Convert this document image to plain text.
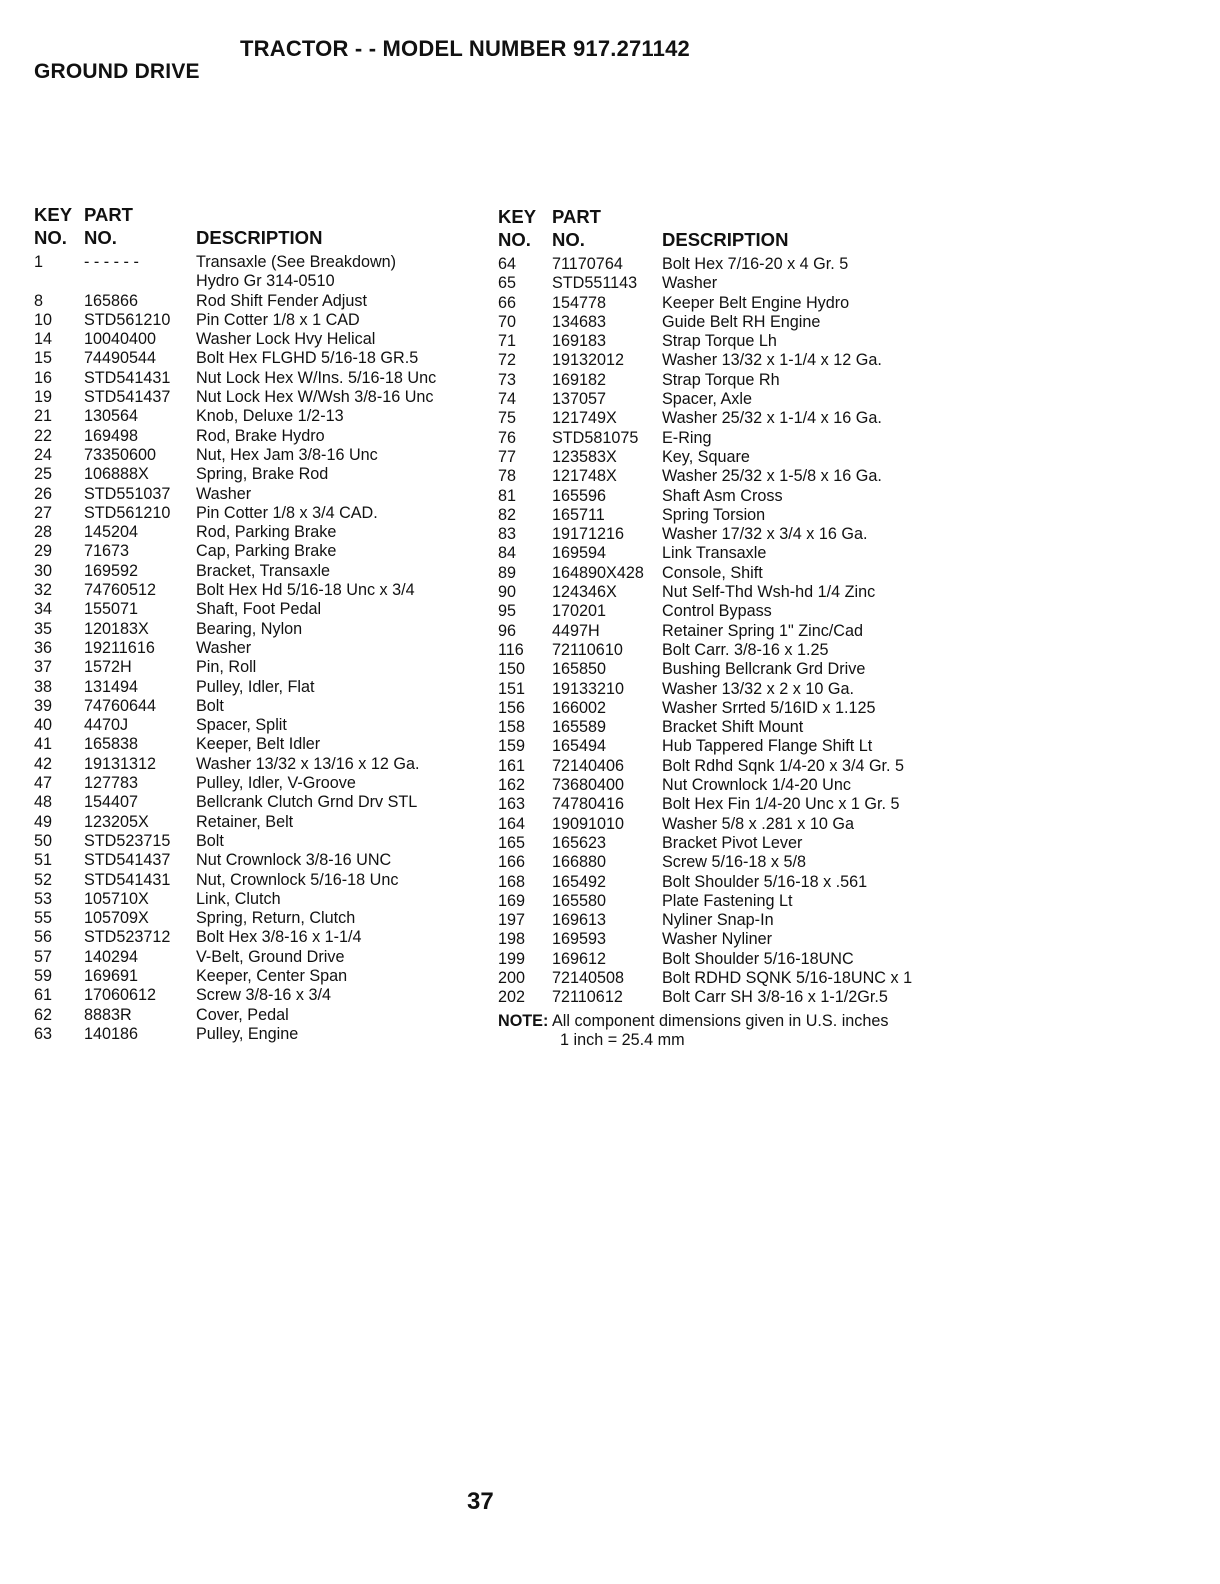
TRACTOR - - MODEL NUMBER 917.271142
GROUND DRIVE
KEY
NO.
PART
NO.	DESCRIPTION
1	- - - - - -	Transaxle (See Breakdown)
Hydro Gr 314-0510
8	165866	Rod Shift Fender Adjust
10	STD561210	Pin Cotter 1/8 x 1 CAD
14	10040400	Washer Lock Hvy Helical
15	74490544	Bolt Hex FLGHD 5/16-18 GR.5
16	STD541431	Nut Lock Hex W/Ins. 5/16-18 Unc
19	STD541437	Nut Lock Hex W/Wsh 3/8-16 Unc
21	130564	Knob, Deluxe 1/2-13
22	169498	Rod, Brake Hydro
24	73350600	Nut, Hex Jam 3/8-16 Unc
25	106888X	Spring, Brake Rod
26	STD551037	Washer
27	STD561210	Pin Cotter 1/8 x 3/4 CAD.
28	145204	Rod, Parking Brake
29	71673	Cap, Parking Brake
30	169592	Bracket, Transaxle
32	74760512	Bolt Hex Hd 5/16-18 Unc x 3/4
34	155071	Shaft, Foot Pedal
35	120183X	Bearing, Nylon
36	19211616	Washer
37	1572H	Pin, Roll
38	131494	Pulley, Idler, Flat
39	74760644	Bolt
40	4470J	Spacer, Split
41	165838	Keeper, Belt Idler
42	19131312	Washer 13/32 x 13/16 x 12 Ga.
47	127783	Pulley, Idler, V-Groove
48	154407	Bellcrank Clutch Grnd Drv STL
49	123205X	Retainer, Belt
50	STD523715	Bolt
51	STD541437	Nut Crownlock 3/8-16 UNC
52	STD541431	Nut, Crownlock 5/16-18 Unc
53	105710X	Link, Clutch
55	105709X	Spring, Return, Clutch
56	STD523712	Bolt Hex 3/8-16 x 1-1/4
57	140294	V-Belt, Ground Drive
59	169691	Keeper, Center Span
61	17060612	Screw 3/8-16 x 3/4
62	8883R	Cover, Pedal
63	140186	Pulley, Engine
KEY
NO.
PART
NO.	DESCRIPTION
64	71170764	Bolt Hex 7/16-20 x 4 Gr. 5
65	STD551143	Washer
66	154778	Keeper Belt Engine Hydro
70	134683	Guide Belt RH Engine
71	169183	Strap Torque Lh
72	19132012	Washer 13/32 x 1-1/4 x 12 Ga.
73	169182	Strap Torque Rh
74	137057	Spacer, Axle
75	121749X	Washer 25/32 x 1-1/4 x 16 Ga.
76	STD581075	E-Ring
77	123583X	Key, Square
78	121748X	Washer 25/32 x 1-5/8 x 16 Ga.
81	165596	Shaft Asm Cross
82	165711	Spring Torsion
83	19171216	Washer 17/32 x 3/4 x 16 Ga.
84	169594	Link Transaxle
89	164890X428	Console, Shift
90	124346X	Nut Self-Thd Wsh-hd 1/4 Zinc
95	170201	Control Bypass
96	4497H	Retainer Spring 1" Zinc/Cad
116	72110610	Bolt Carr. 3/8-16 x 1.25
150	165850	Bushing Bellcrank Grd Drive
151	19133210	Washer 13/32 x 2 x 10 Ga.
156	166002	Washer Srrted 5/16ID x 1.125
158	165589	Bracket Shift Mount
159	165494	Hub Tappered Flange Shift Lt
161	72140406	Bolt Rdhd Sqnk 1/4-20 x 3/4 Gr. 5
162	73680400	Nut Crownlock 1/4-20 Unc
163	74780416	Bolt Hex Fin 1/4-20 Unc x 1 Gr. 5
164	19091010	Washer 5/8 x .281 x 10 Ga
165	165623	Bracket Pivot Lever
166	166880	Screw 5/16-18 x 5/8
168	165492	Bolt Shoulder 5/16-18 x .561
169	165580	Plate Fastening Lt
197	169613	Nyliner Snap-In
198	169593	Washer Nyliner
199	169612	Bolt Shoulder 5/16-18UNC
200	72140508	Bolt RDHD SQNK 5/16-18UNC x 1
202	72110612	Bolt Carr SH 3/8-16 x 1-1/2Gr.5
NOTE: All component dimensions given in U.S. inches
1 inch = 25.4 mm
37
